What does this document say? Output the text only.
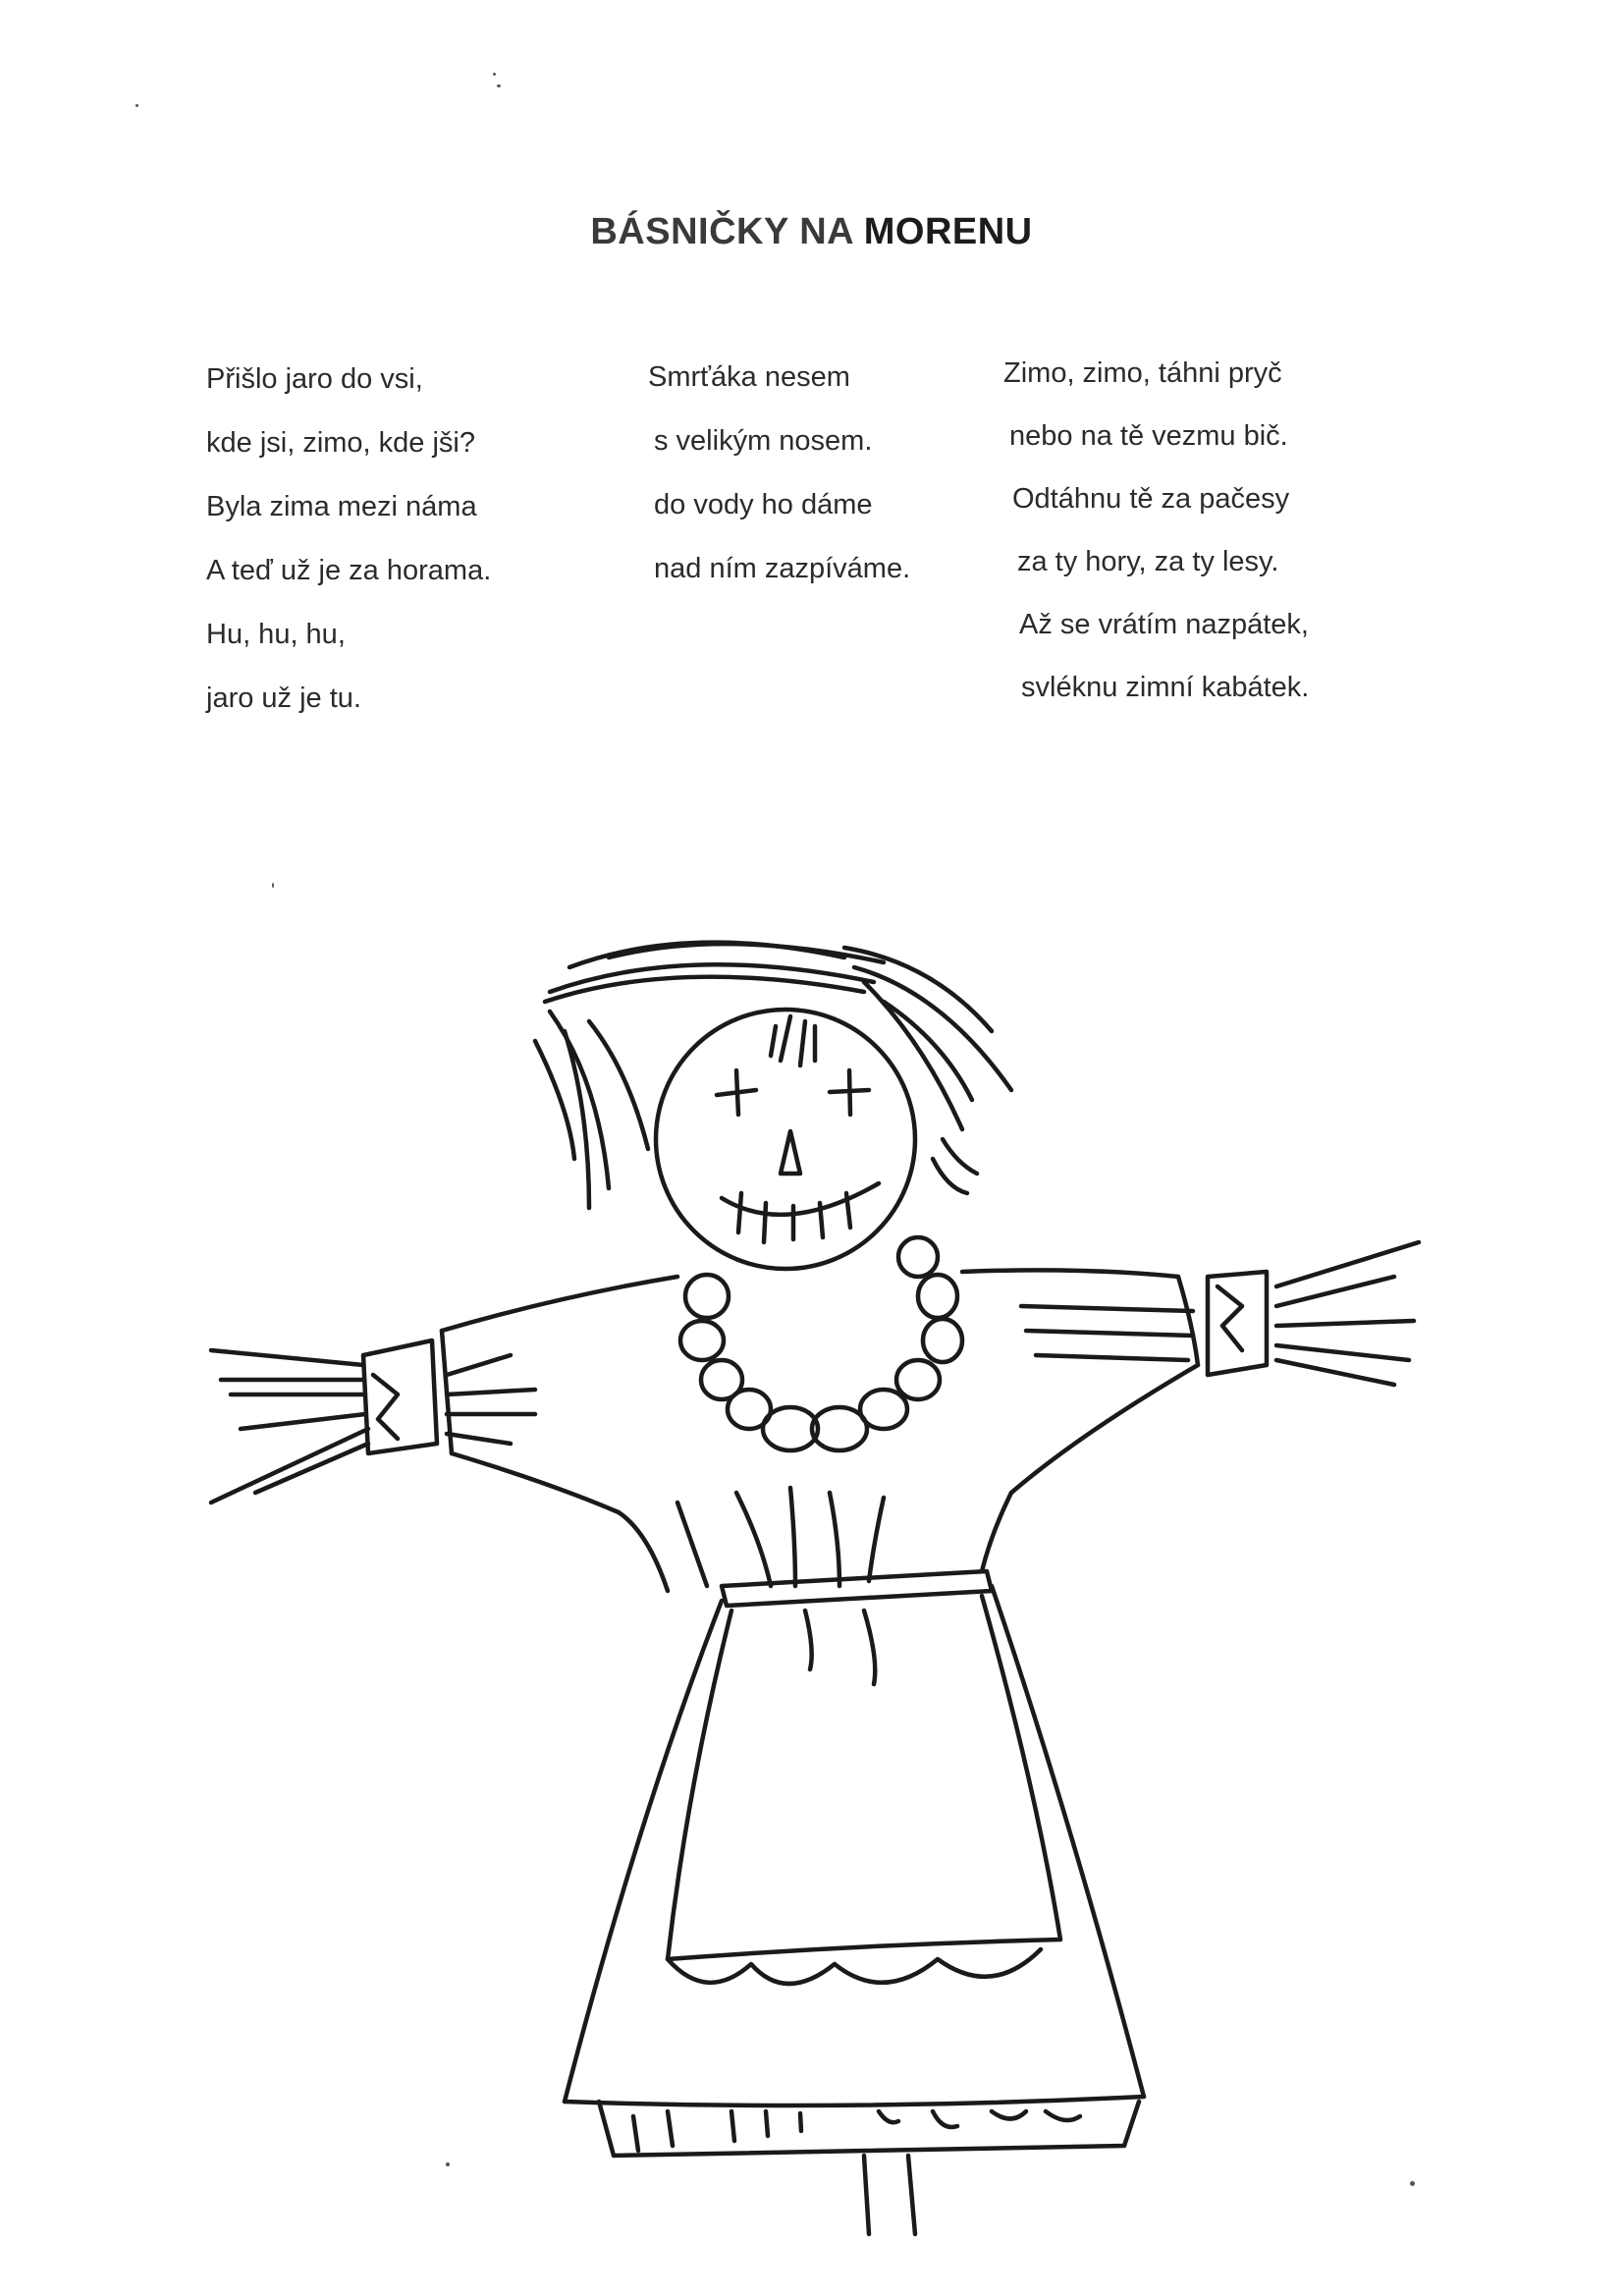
BÁSNIČKY NA MORENU
Přišlo jaro do vsi,
kde jsi, zimo, kde jši?
Byla zima mezi náma
A teď už je za horama.
Hu, hu, hu,
jaro už je tu.
Smrťáka nesem
s velikým nosem.
do vody ho dáme
nad ním zazpíváme.
Zimo, zimo, táhni pryč
nebo na tě vezmu bič.
Odtáhnu tě za pačesy
za ty hory, za ty lesy.
Až se vrátím nazpátek,
svléknu zimní kabátek.
